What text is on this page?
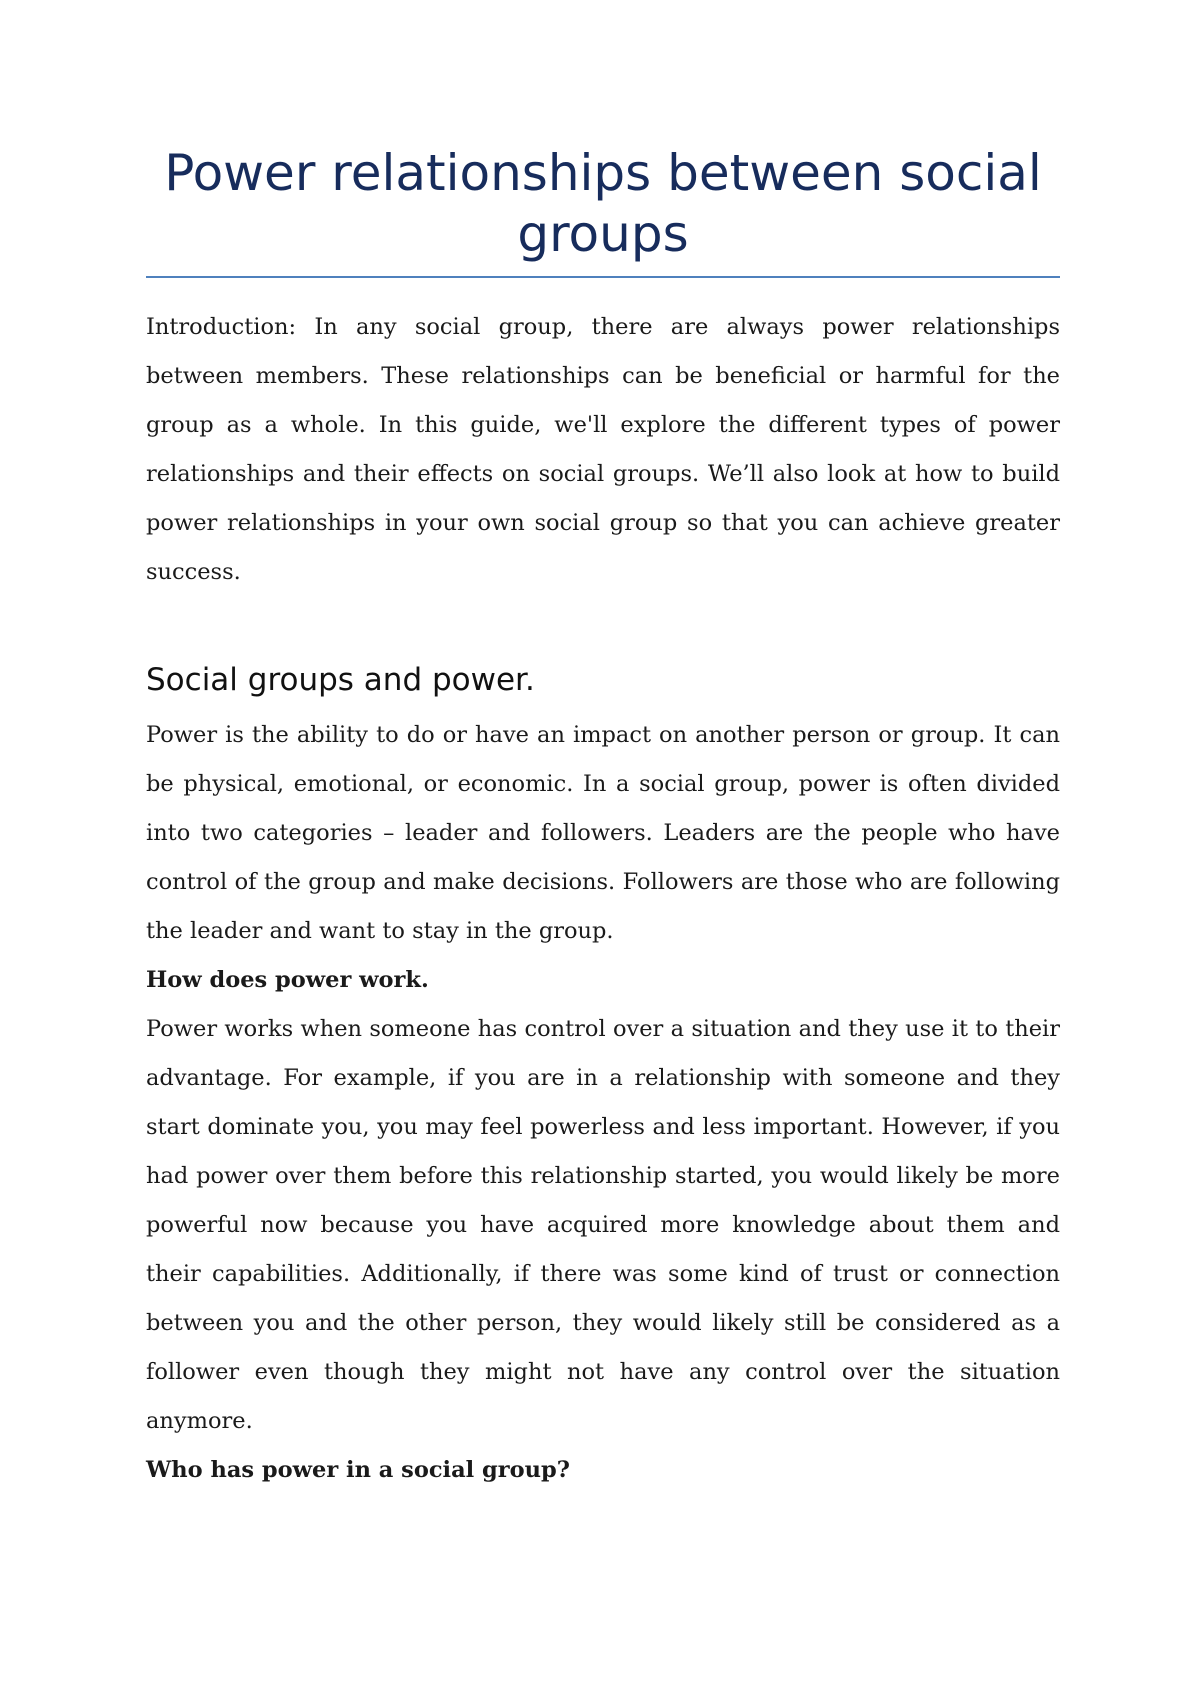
Power relationships between social groups

Introduction: In any social group, there are always power relationships between members. These relationships can be beneficial or harmful for the group as a whole. In this guide, we'll explore the different types of power relationships and their effects on social groups. We’ll also look at how to build power relationships in your own social group so that you can achieve greater success.

Social groups and power.

Power is the ability to do or have an impact on another person or group. It can be physical, emotional, or economic. In a social group, power is often divided into two categories – leader and followers. Leaders are the people who have control of the group and make decisions. Followers are those who are following the leader and want to stay in the group.

How does power work.

Power works when someone has control over a situation and they use it to their advantage. For example, if you are in a relationship with someone and they start dominate you, you may feel powerless and less important. However, if you had power over them before this relationship started, you would likely be more powerful now because you have acquired more knowledge about them and their capabilities. Additionally, if there was some kind of trust or connection between you and the other person, they would likely still be considered as a follower even though they might not have any control over the situation anymore.

Who has power in a social group?
